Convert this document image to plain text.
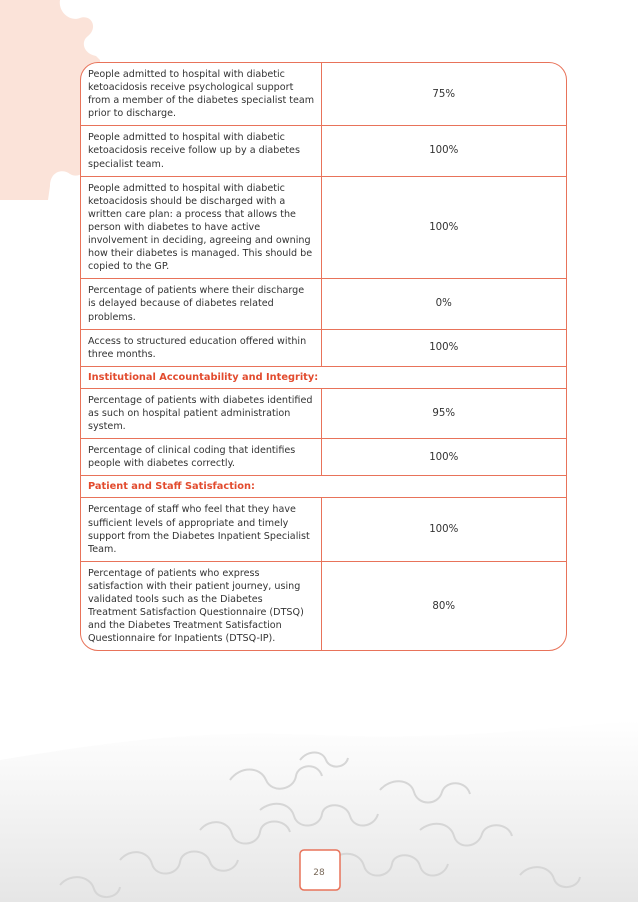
People admitted to hospital with diabetic ketoacidosis receive psychological support from a member of the diabetes specialist team prior to discharge.	75%
People admitted to hospital with diabetic ketoacidosis receive follow up by a diabetes specialist team.	100%
People admitted to hospital with diabetic ketoacidosis should be discharged with a written care plan: a process that allows the person with diabetes to have active involvement in deciding, agreeing and owning how their diabetes is managed. This should be copied to the GP.	100%
Percentage of patients where their discharge is delayed because of diabetes related problems.	0%
Access to structured education offered within three months.	100%
Institutional Accountability and Integrity:	
Percentage of patients with diabetes identified as such on hospital patient administration system.	95%
Percentage of clinical coding that identifies people with diabetes correctly.	100%
Patient and Staff Satisfaction:	
Percentage of staff who feel that they have sufficient levels of appropriate and timely support from the Diabetes Inpatient Specialist Team.	100%
Percentage of patients who express satisfaction with their patient journey, using validated tools such as the Diabetes Treatment Satisfaction Questionnaire (DTSQ) and the Diabetes Treatment Satisfaction Questionnaire for Inpatients (DTSQ-IP).	80%
28
